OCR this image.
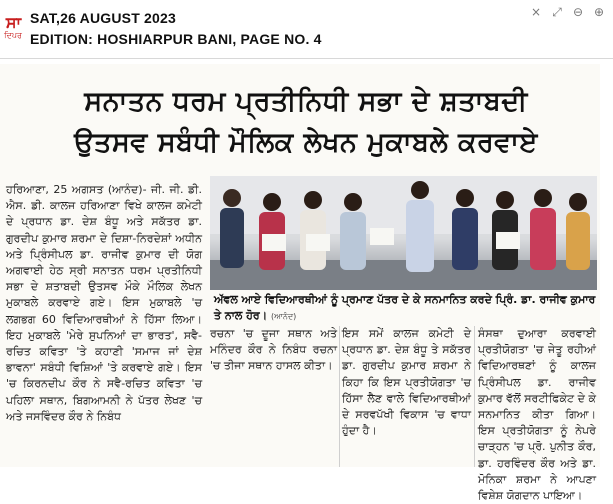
ਸਾ
ਦਿਪਰ
SAT,26 AUGUST 2023
EDITION: HOSHIARPUR BANI, PAGE NO. 4
× ⤢ ⊖ ⊕
ਸਨਾਤਨ ਧਰਮ ਪ੍ਰਤੀਨਿਧੀ ਸਭਾ ਦੇ ਸ਼ਤਾਬਦੀ
ਉਤਸਵ ਸਬੰਧੀ ਮੌਲਿਕ ਲੇਖਨ ਮੁਕਾਬਲੇ ਕਰਵਾਏ

ਹਰਿਆਣਾ, 25 ਅਗਸਤ (ਆਨੰਦ)- ਜੀ. ਜੀ. ਡੀ. ਐਸ. ਡੀ. ਕਾਲਜ ਹਰਿਆਣਾ ਵਿਖੇ ਕਾਲਜ ਕਮੇਟੀ ਦੇ ਪ੍ਰਧਾਨ ਡਾ. ਦੇਸ਼ ਬੰਧੂ ਅਤੇ ਸਕੱਤਰ ਡਾ. ਗੁਰਦੀਪ ਕੁਮਾਰ ਸ਼ਰਮਾ ਦੇ ਦਿਸ਼ਾ-ਨਿਰਦੇਸ਼ਾਂ ਅਧੀਨ ਅਤੇ ਪ੍ਰਿੰਸੀਪਲ ਡਾ. ਰਾਜੀਵ ਕੁਮਾਰ ਦੀ ਯੋਗ ਅਗਵਾਈ ਹੇਠ ਸ੍ਰੀ ਸਨਾਤਨ ਧਰਮ ਪ੍ਰਤੀਨਿਧੀ ਸਭਾ ਦੇ ਸ਼ਤਾਬਦੀ ਉਤਸਵ ਮੌਕੇ ਮੌਲਿਕ ਲੇਖਨ ਮੁਕਾਬਲੇ ਕਰਵਾਏ ਗਏ। ਇਸ ਮੁਕਾਬਲੇ 'ਚ ਲਗਭਗ 60 ਵਿਦਿਆਰਥੀਆਂ ਨੇ ਹਿੱਸਾ ਲਿਆ। ਇਹ ਮੁਕਾਬਲੇ 'ਮੇਰੇ ਸੁਪਨਿਆਂ ਦਾ ਭਾਰਤ', ਸਵੈ-ਰਚਿਤ ਕਵਿਤਾ 'ਤੇ ਕਹਾਣੀ 'ਸਮਾਜ ਜਾਂ ਦੇਸ਼ ਭਾਵਨਾ' ਸਬੰਧੀ ਵਿਸ਼ਿਆਂ 'ਤੇ ਕਰਵਾਏ ਗਏ। ਇਸ 'ਚ ਕਿਰਨਦੀਪ ਕੌਰ ਨੇ ਸਵੈ-ਰਚਿਤ ਕਵਿਤਾ 'ਚ ਪਹਿਲਾ ਸਥਾਨ, ਬਿਗਆਮਨੀ ਨੇ ਪੱਤਰ ਲੇਖਣ 'ਚ ਅਤੇ ਜਸਵਿੰਦਰ ਕੌਰ ਨੇ ਨਿਬੰਧ

ਅੱਵਲ ਆਏ ਵਿਦਿਆਰਥੀਆਂ ਨੂੰ ਪ੍ਰਮਾਣ ਪੱਤਰ ਦੇ ਕੇ ਸਨਮਾਨਿਤ ਕਰਦੇ ਪ੍ਰਿੰ. ਡਾ. ਰਾਜੀਵ ਕੁਮਾਰ ਤੇ ਨਾਲ ਹੋਰ। (ਆਨੰਦ)

ਰਚਨਾ 'ਚ ਦੂਜਾ ਸਥਾਨ ਅਤੇ ਮਨਿੰਦਰ ਕੌਰ ਨੇ ਨਿਬੰਧ ਰਚਨਾ 'ਚ ਤੀਜਾ ਸਥਾਨ ਹਾਸਲ ਕੀਤਾ।

ਇਸ ਸਮੇਂ ਕਾਲਜ ਕਮੇਟੀ ਦੇ ਪ੍ਰਧਾਨ ਡਾ. ਦੇਸ਼ ਬੰਧੂ ਤੇ ਸਕੱਤਰ ਡਾ. ਗੁਰਦੀਪ ਕੁਮਾਰ ਸ਼ਰਮਾ ਨੇ ਕਿਹਾ ਕਿ ਇਸ ਪ੍ਰਤੀਯੋਗਤਾ 'ਚ ਹਿੱਸਾ ਲੈਣ ਵਾਲੇ ਵਿਦਿਆਰਥੀਆਂ ਦੇ ਸਰਵਪੱਖੀ ਵਿਕਾਸ 'ਚ ਵਾਧਾ ਹੁੰਦਾ ਹੈ।

ਸੰਸਥਾ ਦੁਆਰਾ ਕਰਵਾਈ ਪ੍ਰਤੀਯੋਗਤਾ 'ਚ ਜੇਤੂ ਰਹੀਆਂ ਵਿਦਿਆਰਥਣਾਂ ਨੂੰ ਕਾਲਜ ਪ੍ਰਿੰਸੀਪਲ ਡਾ. ਰਾਜੀਵ ਕੁਮਾਰ ਵੱਲੋਂ ਸਰਟੀਫਿਕੇਟ ਦੇ ਕੇ ਸਨਮਾਨਿਤ ਕੀਤਾ ਗਿਆ। ਇਸ ਪ੍ਰਤੀਯੋਗਤਾ ਨੂੰ ਨੇਪਰੇ ਚਾੜ੍ਹਨ 'ਚ ਪ੍ਰੋ. ਪੁਨੀਤ ਕੌਰ, ਡਾ. ਹਰਵਿੰਦਰ ਕੌਰ ਅਤੇ ਡਾ. ਮੋਨਿਕਾ ਸ਼ਰਮਾ ਨੇ ਆਪਣਾ ਵਿਸ਼ੇਸ਼ ਯੋਗਦਾਨ ਪਾਇਆ।
